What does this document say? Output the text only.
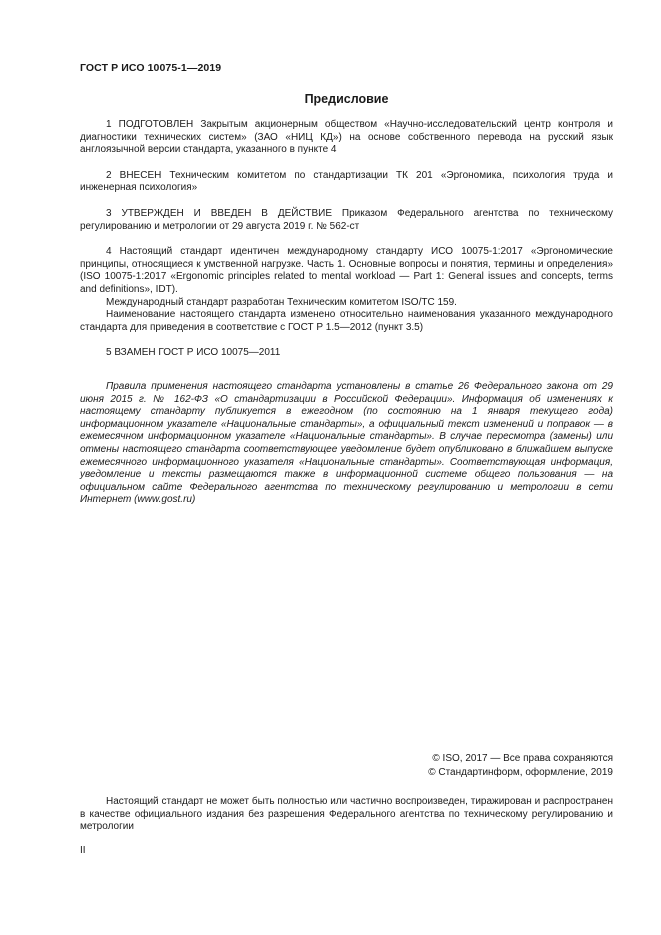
ГОСТ Р ИСО 10075-1—2019
Предисловие

1 ПОДГОТОВЛЕН Закрытым акционерным обществом «Научно-исследовательский центр контроля и диагностики технических систем» (ЗАО «НИЦ КД») на основе собственного перевода на русский язык англоязычной версии стандарта, указанного в пункте 4

2 ВНЕСЕН Техническим комитетом по стандартизации ТК 201 «Эргономика, психология труда и инженерная психология»

3 УТВЕРЖДЕН И ВВЕДЕН В ДЕЙСТВИЕ Приказом Федерального агентства по техническому регулированию и метрологии от 29 августа 2019 г. № 562-ст

4 Настоящий стандарт идентичен международному стандарту ИСО 10075-1:2017 «Эргономические принципы, относящиеся к умственной нагрузке. Часть 1. Основные вопросы и понятия, термины и определения» (ISO 10075-1:2017 «Ergonomic principles related to mental workload — Part 1: General issues and concepts, terms and definitions», IDT).

Международный стандарт разработан Техническим комитетом ISO/TC 159.

Наименование настоящего стандарта изменено относительно наименования указанного международного стандарта для приведения в соответствие с ГОСТ Р 1.5—2012 (пункт 3.5)

5 ВЗАМЕН ГОСТ Р ИСО 10075—2011

Правила применения настоящего стандарта установлены в статье 26 Федерального закона от 29 июня 2015 г. № 162-ФЗ «О стандартизации в Российской Федерации». Информация об изменениях к настоящему стандарту публикуется в ежегодном (по состоянию на 1 января текущего года) информационном указателе «Национальные стандарты», а официальный текст изменений и поправок — в ежемесячном информационном указателе «Национальные стандарты». В случае пересмотра (замены) или отмены настоящего стандарта соответствующее уведомление будет опубликовано в ближайшем выпуске ежемесячного информационного указателя «Национальные стандарты». Соответствующая информация, уведомление и тексты размещаются также в информационной системе общего пользования — на официальном сайте Федерального агентства по техническому регулированию и метрологии в сети Интернет (www.gost.ru)

© ISO, 2017 — Все права сохраняются
© Стандартинформ, оформление, 2019

Настоящий стандарт не может быть полностью или частично воспроизведен, тиражирован и распространен в качестве официального издания без разрешения Федерального агентства по техническому регулированию и метрологии

II
